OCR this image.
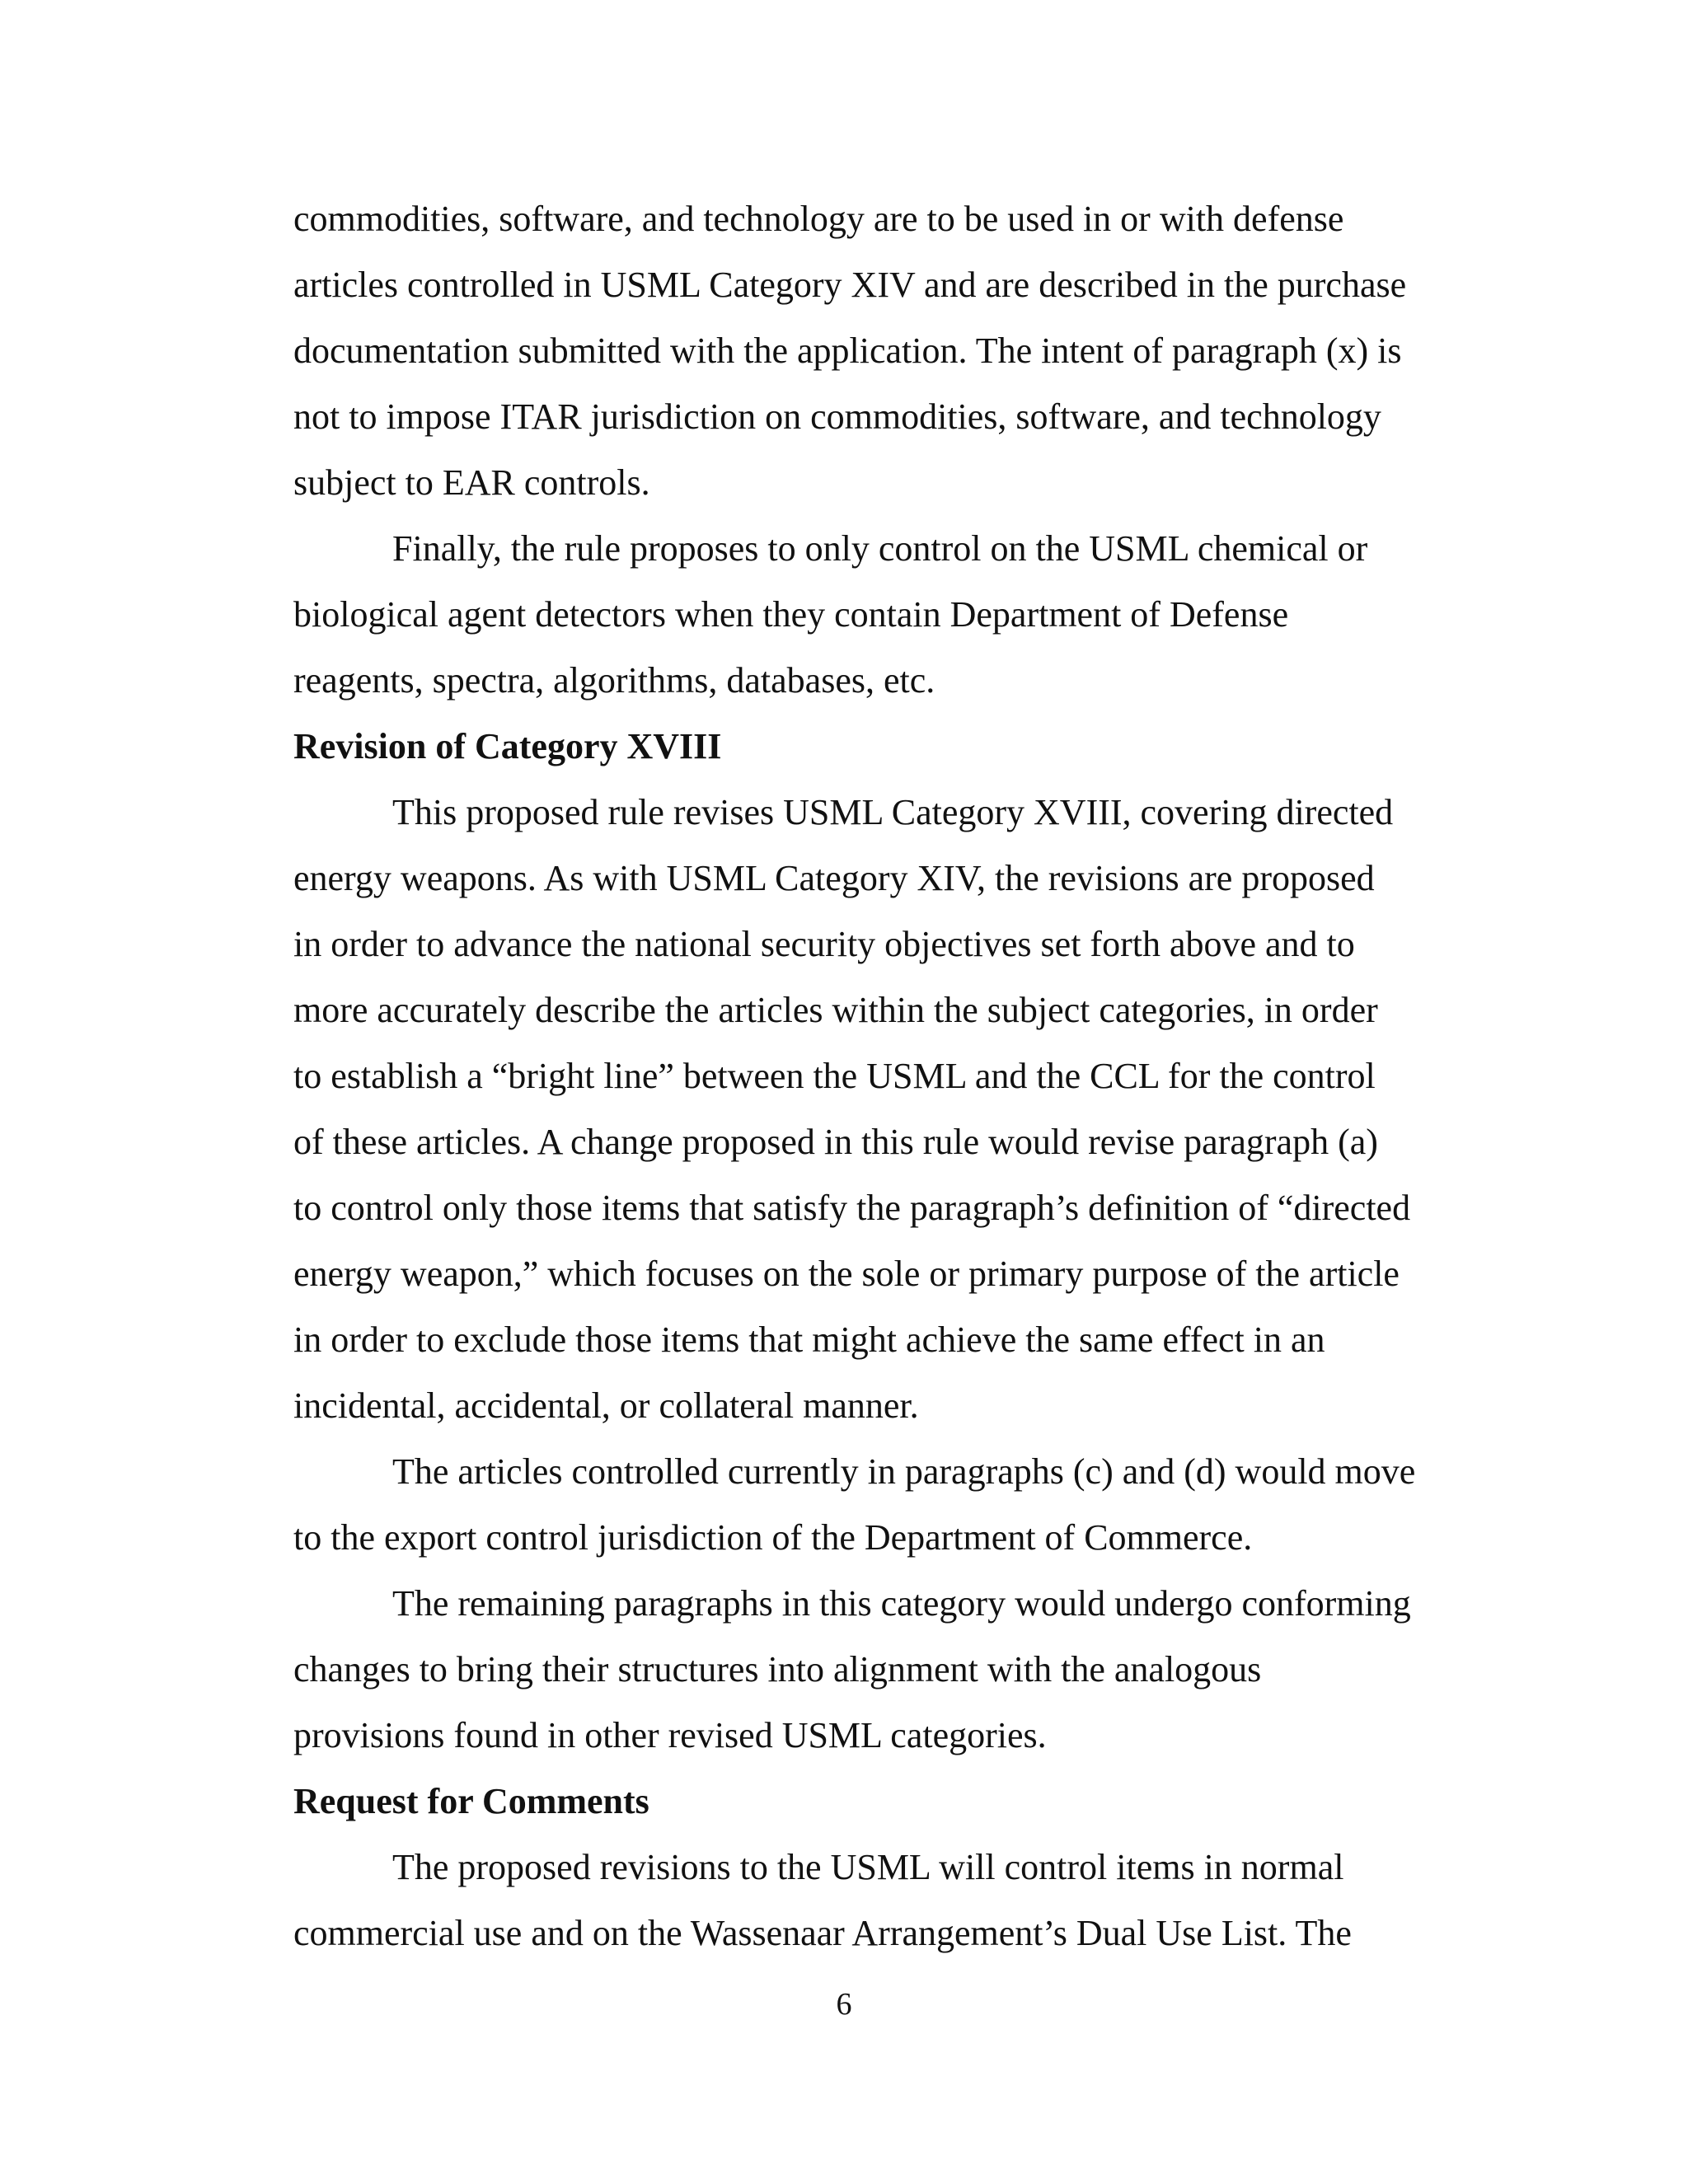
commodities, software, and technology are to be used in or with defense
articles controlled in USML Category XIV and are described in the purchase
documentation submitted with the application. The intent of paragraph (x) is
not to impose ITAR jurisdiction on commodities, software, and technology
subject to EAR controls.
Finally, the rule proposes to only control on the USML chemical or
biological agent detectors when they contain Department of Defense
reagents, spectra, algorithms, databases, etc.
Revision of Category XVIII
This proposed rule revises USML Category XVIII, covering directed
energy weapons. As with USML Category XIV, the revisions are proposed
in order to advance the national security objectives set forth above and to
more accurately describe the articles within the subject categories, in order
to establish a “bright line” between the USML and the CCL for the control
of these articles. A change proposed in this rule would revise paragraph (a)
to control only those items that satisfy the paragraph’s definition of “directed
energy weapon,” which focuses on the sole or primary purpose of the article
in order to exclude those items that might achieve the same effect in an
incidental, accidental, or collateral manner.
The articles controlled currently in paragraphs (c) and (d) would move
to the export control jurisdiction of the Department of Commerce.
The remaining paragraphs in this category would undergo conforming
changes to bring their structures into alignment with the analogous
provisions found in other revised USML categories.
Request for Comments
The proposed revisions to the USML will control items in normal
commercial use and on the Wassenaar Arrangement’s Dual Use List. The
6
